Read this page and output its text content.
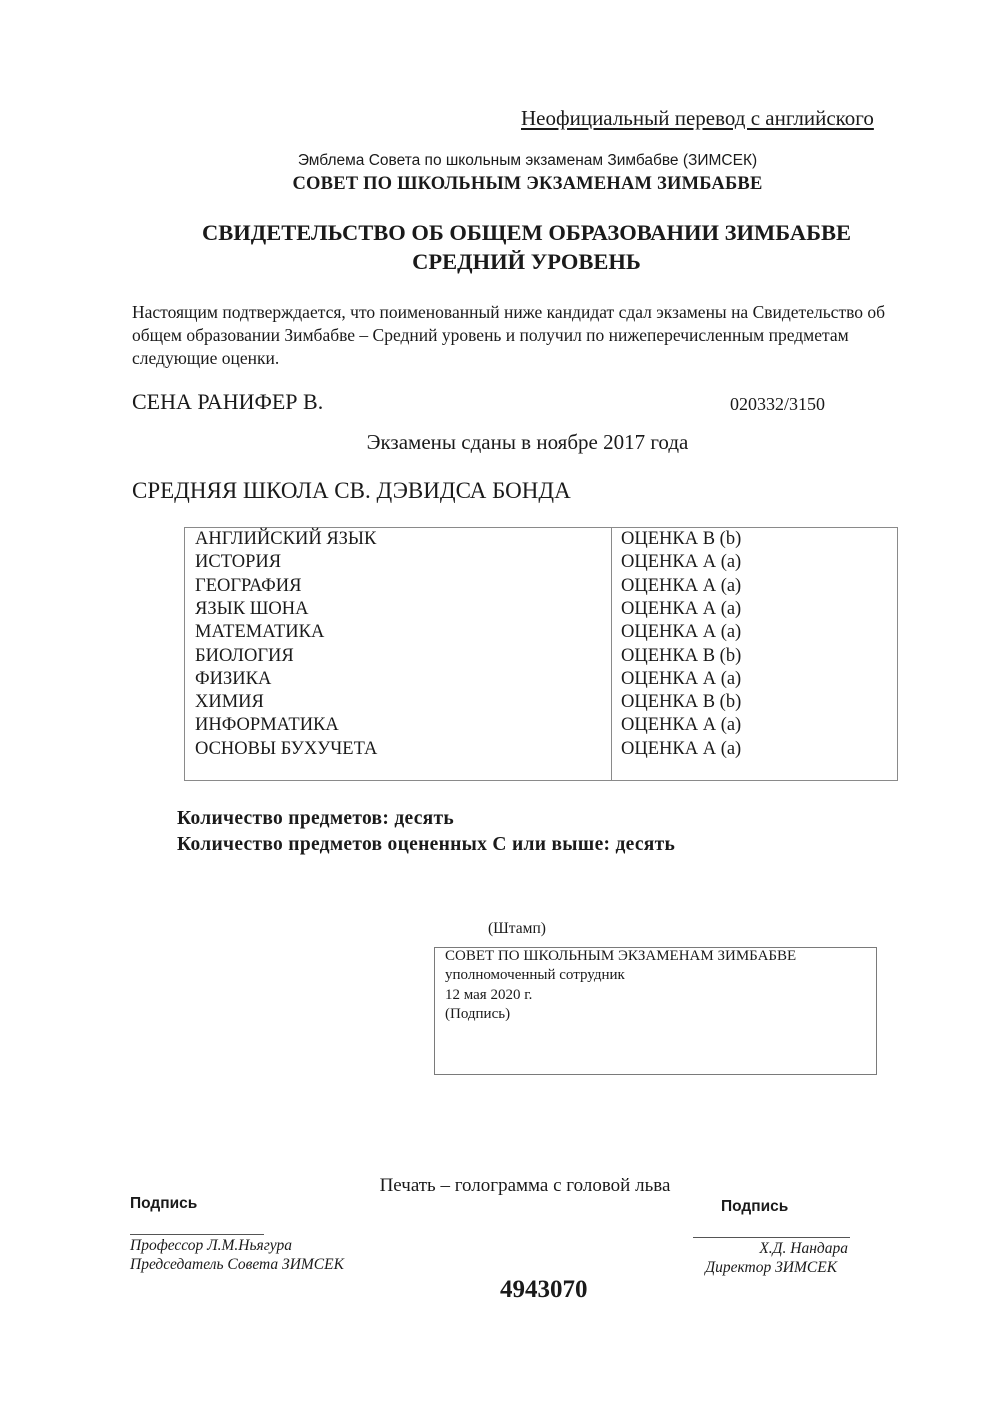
Неофициальный перевод с английского
Эмблема Совета по школьным экзаменам Зимбабве (ЗИМСЕК)
СОВЕТ ПО ШКОЛЬНЫМ ЭКЗАМЕНАМ ЗИМБАБВЕ
СВИДЕТЕЛЬСТВО ОБ ОБЩЕМ ОБРАЗОВАНИИ ЗИМБАБВЕ
СРЕДНИЙ УРОВЕНЬ
Настоящим подтверждается, что поименованный ниже кандидат сдал экзамены на Свидетельство об общем образовании Зимбабве – Средний уровень и получил по нижеперечисленным предметам следующие оценки.
СЕНА РАНИФЕР В.	020332/3150
Экзамены сданы в ноябре 2017 года
СРЕДНЯЯ ШКОЛА СВ. ДЭВИДСА БОНДА
АНГЛИЙСКИЙ ЯЗЫК	ОЦЕНКА В (b)
ИСТОРИЯ	ОЦЕНКА А (а)
ГЕОГРАФИЯ	ОЦЕНКА А (а)
ЯЗЫК ШОНА	ОЦЕНКА А (а)
МАТЕМАТИКА	ОЦЕНКА А (а)
БИОЛОГИЯ	ОЦЕНКА В (b)
ФИЗИКА	ОЦЕНКА А (а)
ХИМИЯ	ОЦЕНКА В (b)
ИНФОРМАТИКА	ОЦЕНКА А (а)
ОСНОВЫ БУХУЧЕТА	ОЦЕНКА А (а)
Количество предметов: десять
Количество предметов оцененных С или выше: десять
(Штамп)
СОВЕТ ПО ШКОЛЬНЫМ ЭКЗАМЕНАМ ЗИМБАБВЕ
уполномоченный сотрудник
12 мая 2020 г.
(Подпись)
Печать – голограмма с головой льва
Подпись
Профессор Л.М.Ньягура
Председатель Совета ЗИМСЕК
Подпись
Х.Д. Нандара
Директор ЗИМСЕК
4943070
